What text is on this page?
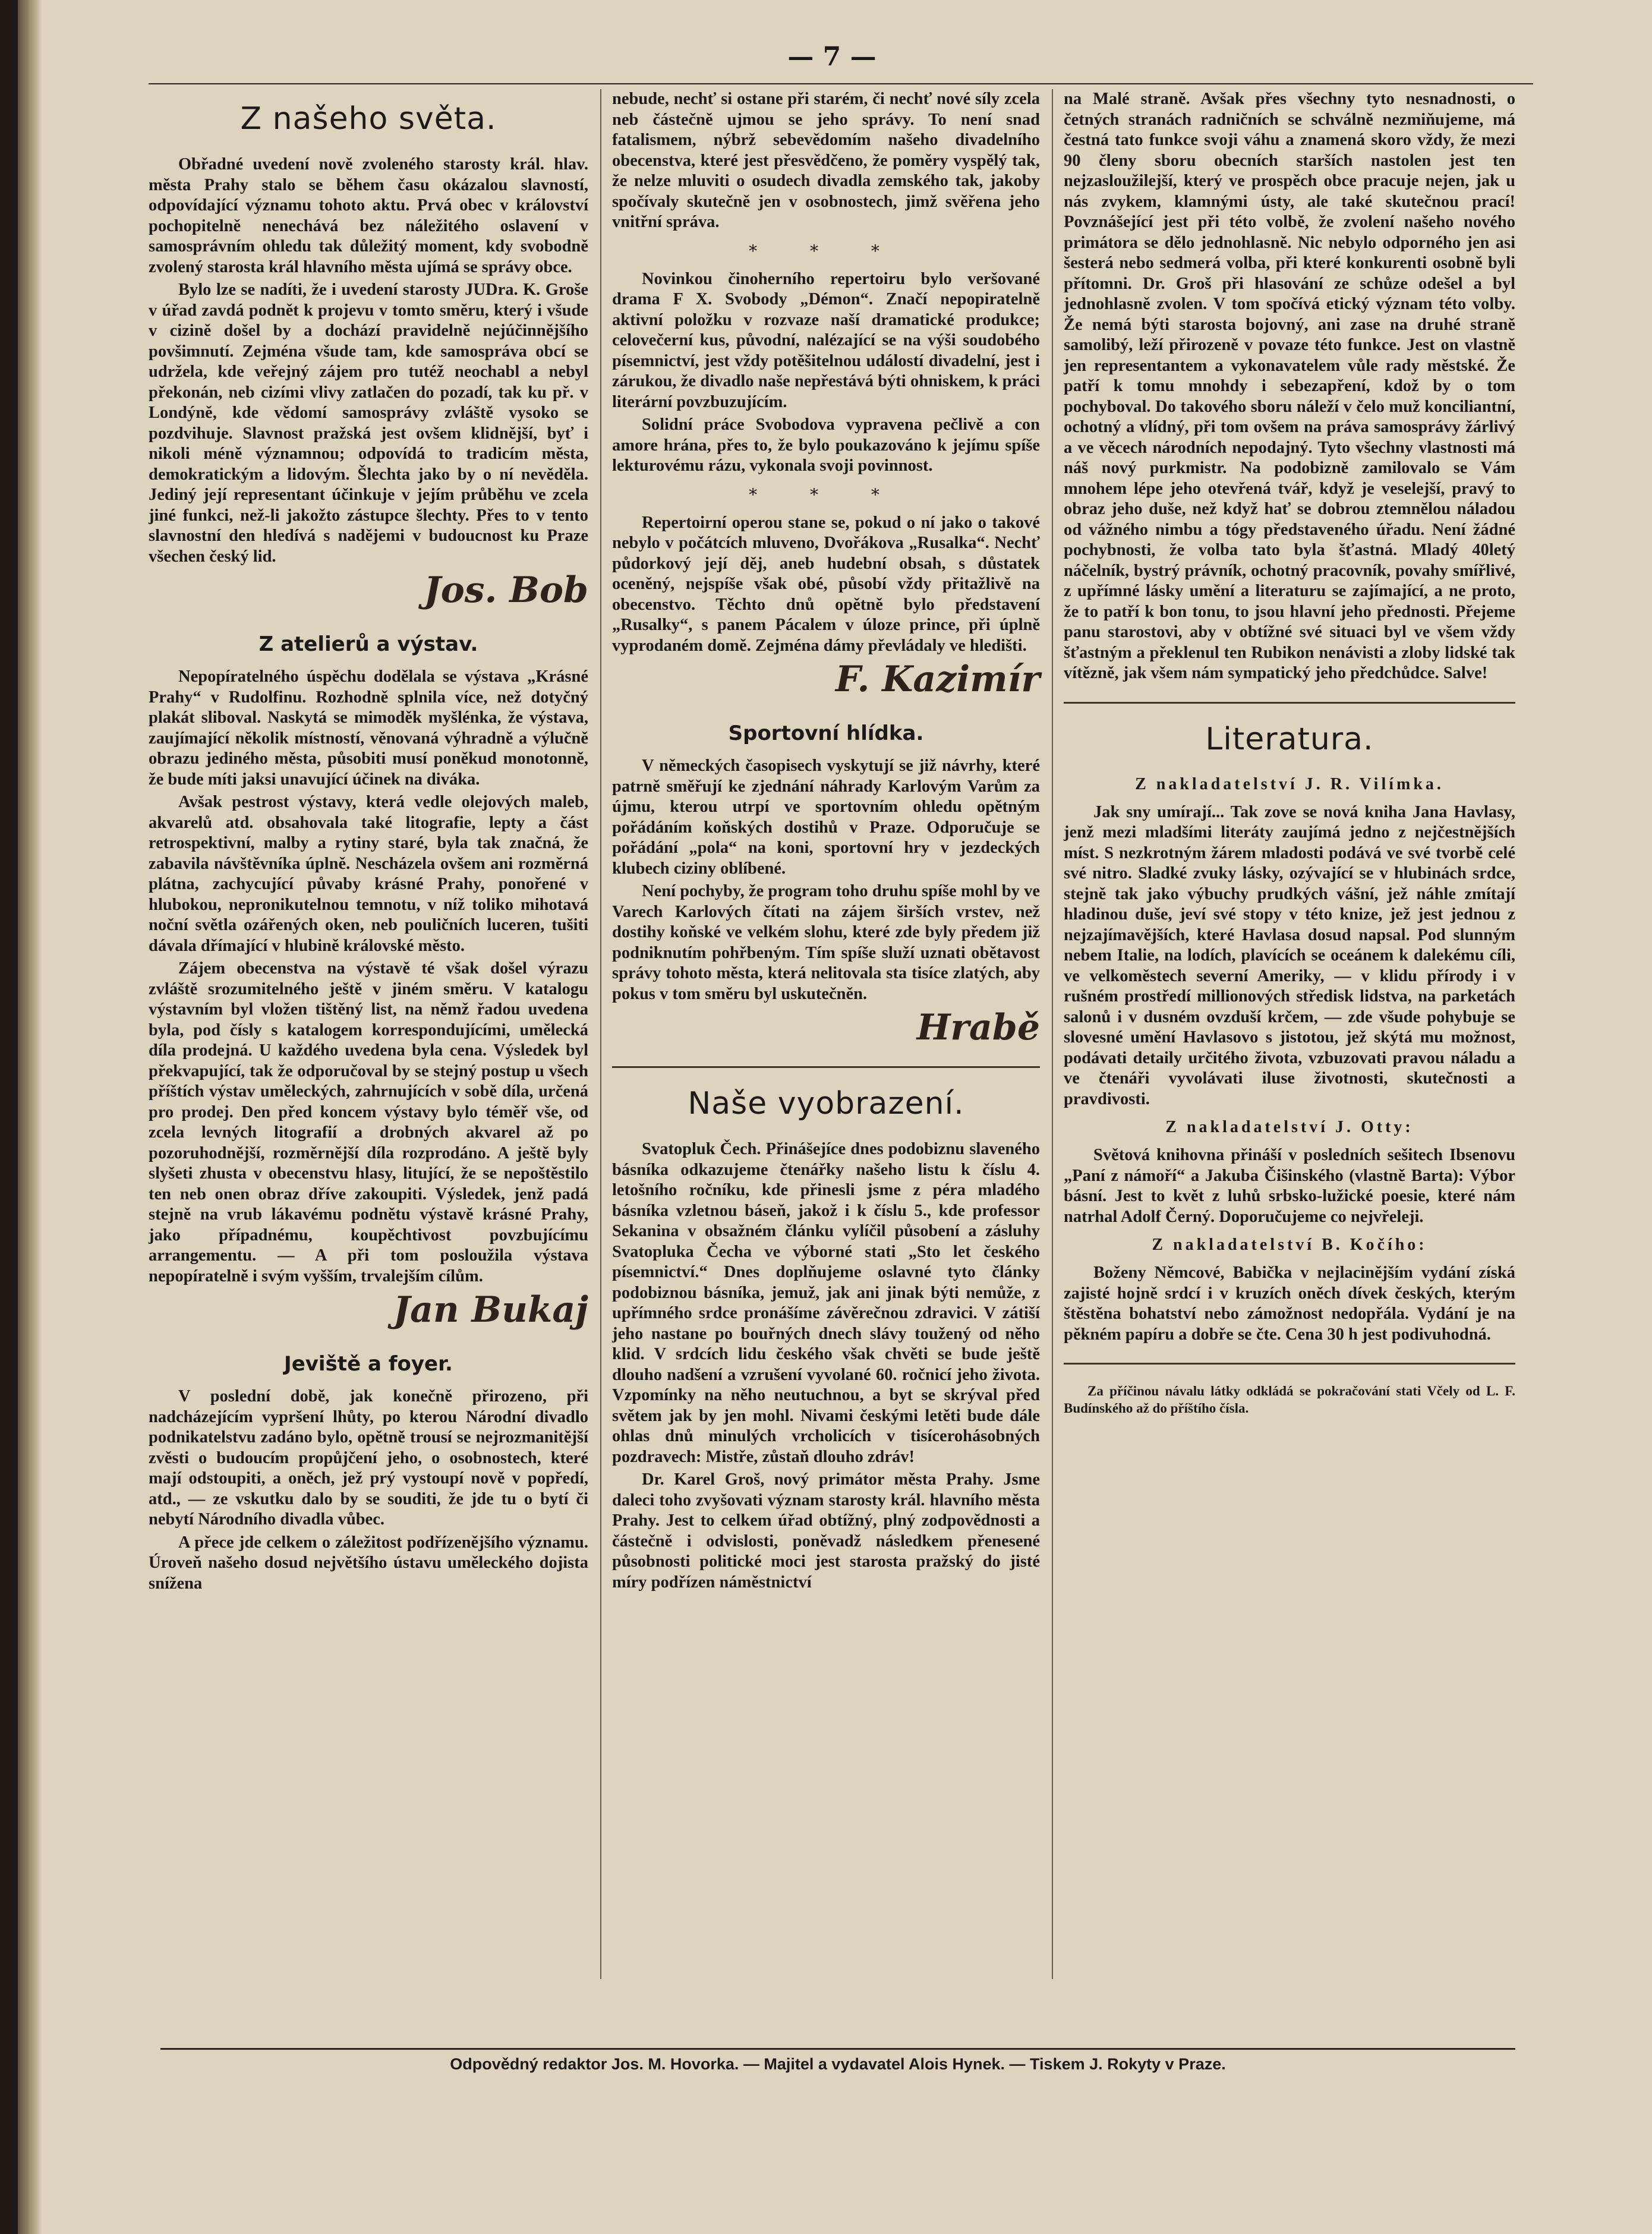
— 7 —
Z našeho světa.

Obřadné uvedení nově zvoleného starosty král. hlav. města Prahy stalo se během času okázalou slavností, odpovídající významu tohoto aktu. Prvá obec v království pochopitelně nenechává bez náležitého oslavení v samosprávním ohledu tak důležitý moment, kdy svobodně zvolený starosta král hlavního města ujímá se správy obce.

Bylo lze se nadíti, že i uvedení starosty JUDra. K. Groše v úřad zavdá podnět k projevu v tomto směru, který i všude v cizině došel by a dochází pravidelně nejúčinnějšího povšimnutí. Zejména všude tam, kde samospráva obcí se udržela, kde veřejný zájem pro tutéž neochabl a nebyl překonán, neb cizími vlivy zatlačen do pozadí, tak ku př. v Londýně, kde vědomí samosprávy zvláště vysoko se pozdvihuje. Slavnost pražská jest ovšem klidnější, byť i nikoli méně významnou; odpovídá to tradicím města, demokratickým a lidovým. Šlechta jako by o ní nevěděla. Jediný její representant účinkuje v jejím průběhu ve zcela jiné funkci, než-li jakožto zástupce šlechty. Přes to v tento slavnostní den hledívá s nadějemi v budoucnost ku Praze všechen český lid.

Jos. Bob
Z atelierů a výstav.

Nepopíratelného úspěchu dodělala se výstava „Krásné Prahy“ v Rudolfinu. Rozhodně splnila více, než dotyčný plakát sliboval. Naskytá se mimoděk myšlénka, že výstava, zaujímající několik místností, věnovaná výhradně a výlučně obrazu jediného města, působiti musí poněkud monotonně, že bude míti jaksi unavující účinek na diváka.

Avšak pestrost výstavy, která vedle olejových maleb, akvarelů atd. obsahovala také litografie, lepty a část retrospektivní, malby a rytiny staré, byla tak značná, že zabavila návštěvníka úplně. Nescházela ovšem ani rozměrná plátna, zachycující půvaby krásné Prahy, ponořené v hlubokou, nepronikutelnou temnotu, v níž toliko mihotavá noční světla ozářených oken, neb pouličních luceren, tušiti dávala dřímající v hlubině královské město.

Zájem obecenstva na výstavě té však došel výrazu zvláště srozumitelného ještě v jiném směru. V katalogu výstavním byl vložen tištěný list, na němž řadou uvedena byla, pod čísly s katalogem korrespondujícími, umělecká díla prodejná. U každého uvedena byla cena. Výsledek byl překvapující, tak že odporučoval by se stejný postup u všech příštích výstav uměleckých, zahrnujících v sobě díla, určená pro prodej. Den před koncem výstavy bylo téměř vše, od zcela levných litografií a drobných akvarel až po pozoruhodnější, rozměrnější díla rozprodáno. A ještě byly slyšeti zhusta v obecenstvu hlasy, litující, že se nepoštěstilo ten neb onen obraz dříve zakoupiti. Výsledek, jenž padá stejně na vrub lákavému podnětu výstavě krásné Prahy, jako případnému, koupěchtivost povzbujícímu arrangementu. — A při tom posloužila výstava nepopíratelně i svým vyšším, trvalejším cílům.

Jan Bukaj
Jeviště a foyer.

V poslední době, jak konečně přirozeno, při nadcházejícím vypršení lhůty, po kterou Národní divadlo podnikatelstvu zadáno bylo, opětně trousí se nejrozmanitější zvěsti o budoucím propůjčení jeho, o osobnostech, které mají odstoupiti, a oněch, jež prý vystoupí nově v popředí, atd., — ze vskutku dalo by se souditi, že jde tu o bytí či nebytí Národního divadla vůbec.

A přece jde celkem o záležitost podřízenějšího významu. Úroveň našeho dosud největšího ústavu uměleckého dojista snížena

nebude, nechť si ostane při starém, či nechť nové síly zcela neb částečně ujmou se jeho správy. To není snad fatalismem, nýbrž sebevědomím našeho divadelního obecenstva, které jest přesvědčeno, že poměry vyspělý tak, že nelze mluviti o osudech divadla zemského tak, jakoby spočívaly skutečně jen v osobnostech, jimž svěřena jeho vnitřní správa.

* * *

Novinkou činoherního repertoiru bylo veršované drama F X. Svobody „Démon“. Značí nepopiratelně aktivní položku v rozvaze naší dramatické produkce; celovečerní kus, původní, nalézající se na výši soudobého písemnictví, jest vždy potěšitelnou událostí divadelní, jest i zárukou, že divadlo naše nepřestává býti ohniskem, k práci literární povzbuzujícím.

Solidní práce Svobodova vypravena pečlivě a con amore hrána, přes to, že bylo poukazováno k jejímu spíše lekturovému rázu, vykonala svoji povinnost.

* * *

Repertoirní operou stane se, pokud o ní jako o takové nebylo v počátcích mluveno, Dvořákova „Rusalka“. Nechť půdorkový její děj, aneb hudební obsah, s důstatek oceněný, nejspíše však obé, působí vždy přitažlivě na obecenstvo. Těchto dnů opětně bylo představení „Rusalky“, s panem Pácalem v úloze prince, při úplně vyprodaném domě. Zejména dámy převládaly ve hledišti.

F. Kazimír
Sportovní hlídka.

V německých časopisech vyskytují se již návrhy, které patrně směřují ke zjednání náhrady Karlovým Varům za újmu, kterou utrpí ve sportovním ohledu opětným pořádáním koňských dostihů v Praze. Odporučuje se pořádání „pola“ na koni, sportovní hry v jezdeckých klubech ciziny oblíbené.

Není pochyby, že program toho druhu spíše mohl by ve Varech Karlových čítati na zájem širších vrstev, než dostihy koňské ve velkém slohu, které zde byly předem již podniknutím pohřbeným. Tím spíše služí uznati obětavost správy tohoto města, která nelitovala sta tisíce zlatých, aby pokus v tom směru byl uskutečněn.

Hrabě
Naše vyobrazení.

Svatopluk Čech. Přinášejíce dnes podobiznu slaveného básníka odkazujeme čtenářky našeho listu k číslu 4. letošního ročníku, kde přinesli jsme z péra mladého básníka vzletnou báseň, jakož i k číslu 5., kde professor Sekanina v obsažném článku vylíčil působení a zásluhy Svatopluka Čecha ve výborné stati „Sto let českého písemnictví.“ Dnes doplňujeme oslavné tyto články podobiznou básníka, jemuž, jak ani jinak býti nemůže, z upřímného srdce pronášíme závěrečnou zdravici. V zátiší jeho nastane po bouřných dnech slávy toužený od něho klid. V srdcích lidu českého však chvěti se bude ještě dlouho nadšení a vzrušení vyvolané 60. ročnicí jeho života. Vzpomínky na něho neutuchnou, a byt se skrýval před světem jak by jen mohl. Nivami českými letěti bude dále ohlas dnů minulých vrcholicích v tisícerohásobných pozdravech: Mistře, zůstaň dlouho zdráv!

Dr. Karel Groš, nový primátor města Prahy. Jsme daleci toho zvyšovati význam starosty král. hlavního města Prahy. Jest to celkem úřad obtížný, plný zodpovědnosti a částečně i odvislosti, poněvadž následkem přenesené působnosti politické moci jest starosta pražský do jisté míry podřízen náměstnictví

na Malé straně. Avšak přes všechny tyto nesnadnosti, o četných stranách radničních se schválně nezmiňujeme, má čestná tato funkce svoji váhu a znamená skoro vždy, že mezi 90 členy sboru obecních starších nastolen jest ten nejzasloužilejší, který ve prospěch obce pracuje nejen, jak u nás zvykem, klamnými ústy, ale také skutečnou prací! Povznášející jest při této volbě, že zvolení našeho nového primátora se dělo jednohlasně. Nic nebylo odporného jen asi šesterá nebo sedmerá volba, při které konkurenti osobně byli přítomni. Dr. Groš při hlasování ze schůze odešel a byl jednohlasně zvolen. V tom spočívá etický význam této volby. Že nemá býti starosta bojovný, ani zase na druhé straně samolibý, leží přirozeně v povaze této funkce. Jest on vlastně jen representantem a vykonavatelem vůle rady městské. Že patří k tomu mnohdy i sebezapření, kdož by o tom pochyboval. Do takového sboru náleží v čelo muž konciliantní, ochotný a vlídný, při tom ovšem na práva samosprávy žárlivý a ve věcech národních nepodajný. Tyto všechny vlastnosti má náš nový purkmistr. Na podobizně zamilovalo se Vám mnohem lépe jeho otevřená tvář, když je veselejší, pravý to obraz jeho duše, než když hať se dobrou ztemnělou náladou od vážného nimbu a tógy představeného úřadu. Není žádné pochybnosti, že volba tato byla šťastná. Mladý 40letý náčelník, bystrý právník, ochotný pracovník, povahy smířlivé, z upřímné lásky umění a literaturu se zajímající, a ne proto, že to patří k bon tonu, to jsou hlavní jeho přednosti. Přejeme panu starostovi, aby v obtížné své situaci byl ve všem vždy šťastným a překlenul ten Rubikon nenávisti a zloby lidské tak vítězně, jak všem nám sympatický jeho předchůdce. Salve!

Literatura.
Z nakladatelství J. R. Vilímka.

Jak sny umírají... Tak zove se nová kniha Jana Havlasy, jenž mezi mladšími literáty zaujímá jedno z nejčestnějších míst. S nezkrotným žárem mladosti podává ve své tvorbě celé své nitro. Sladké zvuky lásky, ozývající se v hlubinách srdce, stejně tak jako výbuchy prudkých vášní, jež náhle zmítají hladinou duše, jeví své stopy v této knize, jež jest jednou z nejzajímavějších, které Havlasa dosud napsal. Pod slunným nebem Italie, na lodích, plavících se oceánem k dalekému cíli, ve velkoměstech severní Ameriky, — v klidu přírody i v rušném prostředí millionových středisk lidstva, na parketách salonů i v dusném ovzduší krčem, — zde všude pohybuje se slovesné umění Havlasovo s jistotou, jež skýtá mu možnost, podávati detaily určitého života, vzbuzovati pravou náladu a ve čtenáři vyvolávati iluse životnosti, skutečnosti a pravdivosti.

Z nakladatelství J. Otty:

Světová knihovna přináší v posledních sešitech Ibsenovu „Paní z námoří“ a Jakuba Čišinského (vlastně Barta): Výbor básní. Jest to květ z luhů srbsko-lužické poesie, které nám natrhal Adolf Černý. Doporučujeme co nejvřeleji.

Z nakladatelství B. Kočího:

Boženy Němcové, Babička v nejlacinějším vydání získá zajisté hojně srdcí i v kruzích oněch dívek českých, kterým štěstěna bohatství nebo zámožnost nedopřála. Vydání je na pěkném papíru a dobře se čte. Cena 30 h jest podivuhodná.

Za příčinou návalu látky odkládá se pokračování stati Včely od L. F. Budínského až do příštího čísla.

Odpovědný redaktor Jos. M. Hovorka. — Majitel a vydavatel Alois Hynek. — Tiskem J. Rokyty v Praze.
